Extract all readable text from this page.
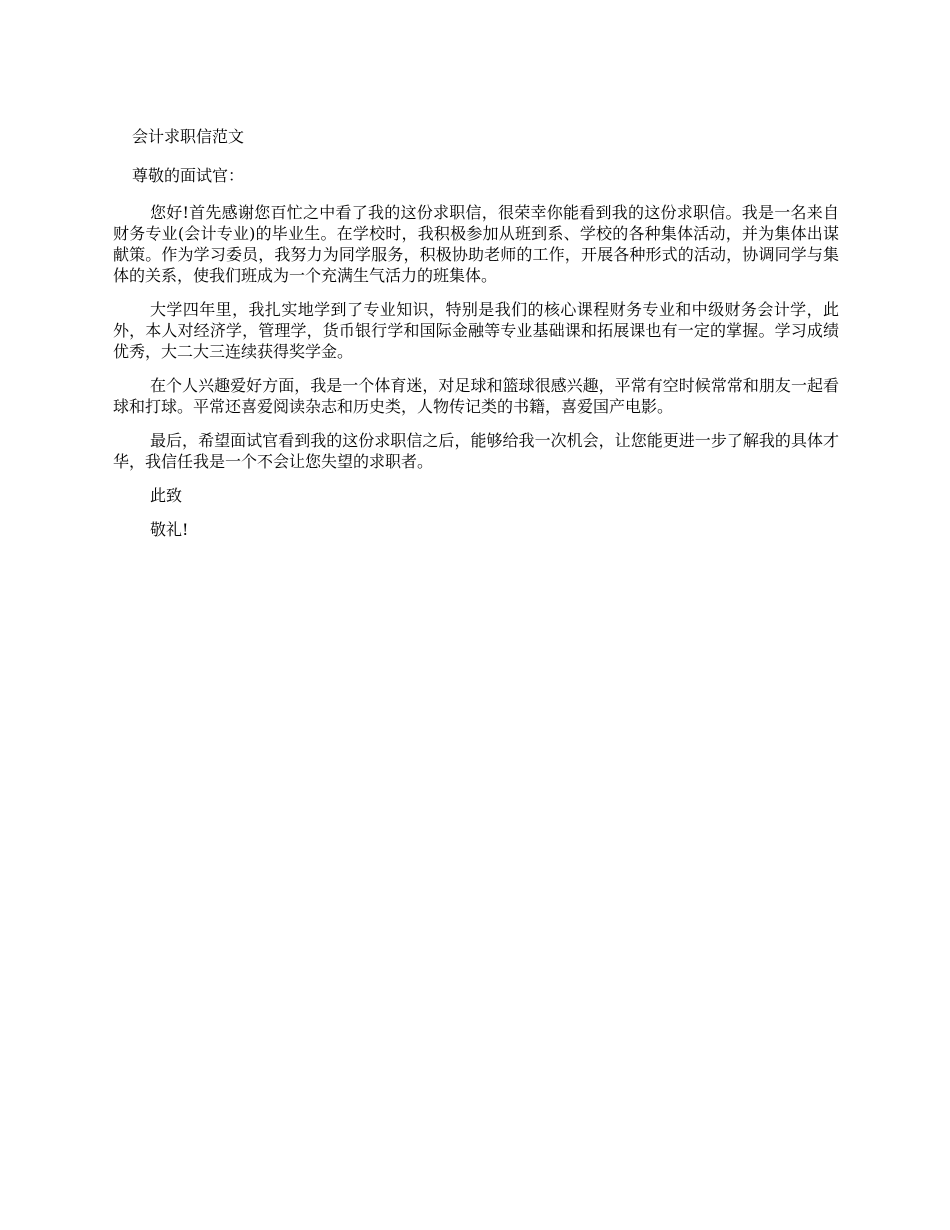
会计求职信范文

尊敬的面试官：

您好!首先感谢您百忙之中看了我的这份求职信，很荣幸你能看到我的这份求职信。我是一名来自财务专业(会计专业)的毕业生。在学校时，我积极参加从班到系、学校的各种集体活动，并为集体出谋献策。作为学习委员，我努力为同学服务，积极协助老师的工作，开展各种形式的活动，协调同学与集体的关系，使我们班成为一个充满生气活力的班集体。

大学四年里，我扎实地学到了专业知识，特别是我们的核心课程财务专业和中级财务会计学，此外，本人对经济学，管理学，货币银行学和国际金融等专业基础课和拓展课也有一定的掌握。学习成绩优秀，大二大三连续获得奖学金。

在个人兴趣爱好方面，我是一个体育迷，对足球和篮球很感兴趣，平常有空时候常常和朋友一起看球和打球。平常还喜爱阅读杂志和历史类，人物传记类的书籍，喜爱国产电影。

最后，希望面试官看到我的这份求职信之后，能够给我一次机会，让您能更进一步了解我的具体才华，我信任我是一个不会让您失望的求职者。

此致

敬礼!
